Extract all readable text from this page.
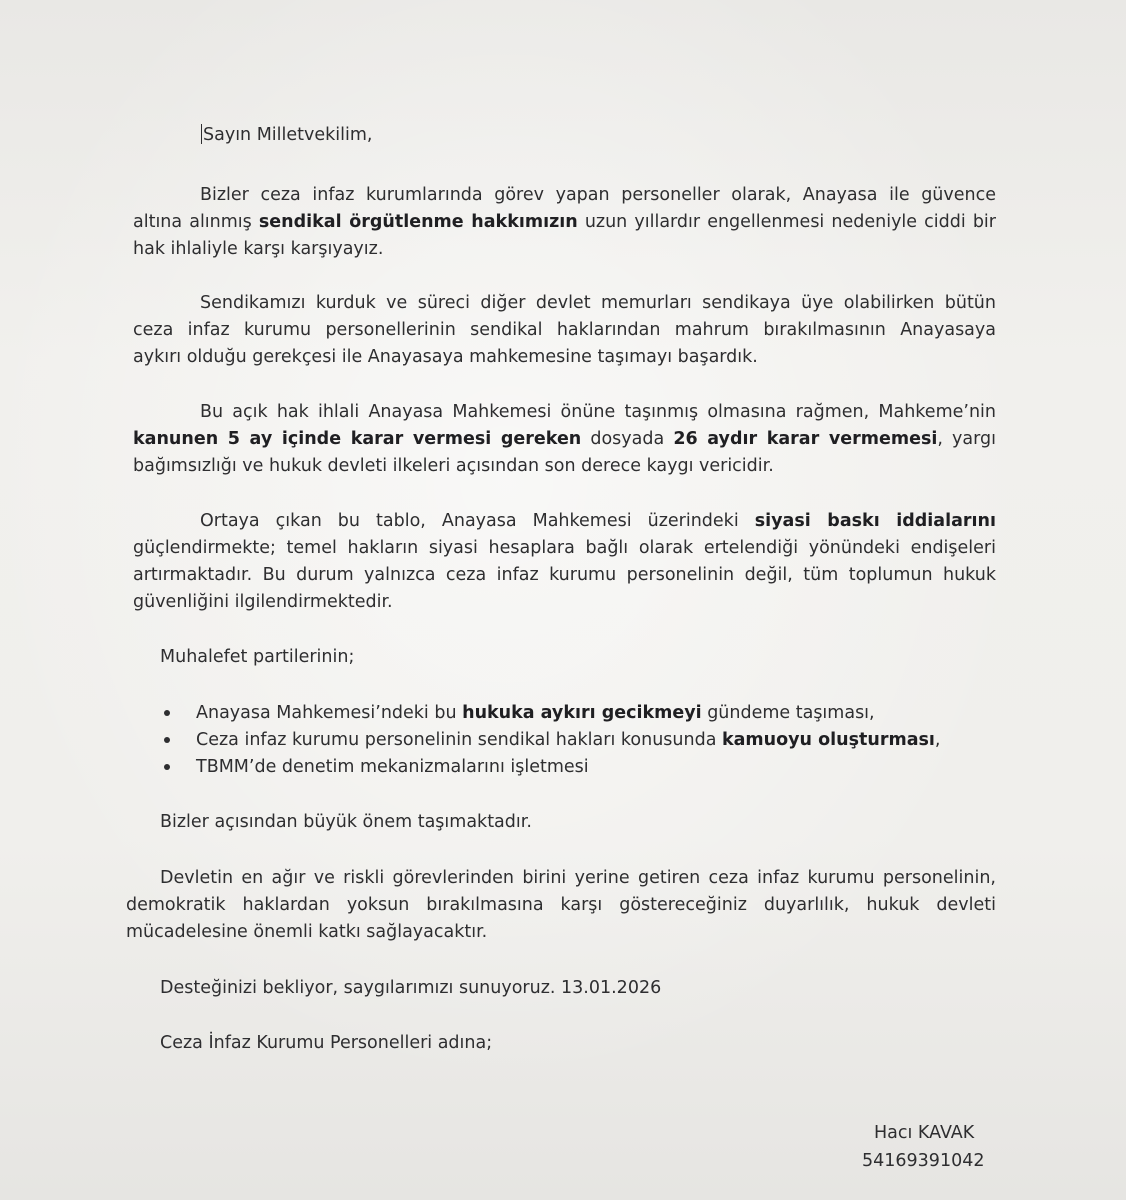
Sayın Milletvekilim,
Bizler ceza infaz kurumlarında görev yapan personeller olarak, Anayasa ile güvence
altına alınmış sendikal örgütlenme hakkımızın uzun yıllardır engellenmesi nedeniyle ciddi bir
hak ihlaliyle karşı karşıyayız.
Sendikamızı kurduk ve süreci diğer devlet memurları sendikaya üye olabilirken bütün
ceza infaz kurumu personellerinin sendikal haklarından mahrum bırakılmasının Anayasaya
aykırı olduğu gerekçesi ile Anayasaya mahkemesine taşımayı başardık.
Bu açık hak ihlali Anayasa Mahkemesi önüne taşınmış olmasına rağmen, Mahkeme’nin
kanunen 5 ay içinde karar vermesi gereken dosyada 26 aydır karar vermemesi, yargı
bağımsızlığı ve hukuk devleti ilkeleri açısından son derece kaygı vericidir.
Ortaya çıkan bu tablo, Anayasa Mahkemesi üzerindeki siyasi baskı iddialarını
güçlendirmekte; temel hakların siyasi hesaplara bağlı olarak ertelendiği yönündeki endişeleri
artırmaktadır. Bu durum yalnızca ceza infaz kurumu personelinin değil, tüm toplumun hukuk
güvenliğini ilgilendirmektedir.
Muhalefet partilerinin;
Anayasa Mahkemesi’ndeki bu hukuka aykırı gecikmeyi gündeme taşıması,
Ceza infaz kurumu personelinin sendikal hakları konusunda kamuoyu oluşturması,
TBMM’de denetim mekanizmalarını işletmesi
Bizler açısından büyük önem taşımaktadır.
Devletin en ağır ve riskli görevlerinden birini yerine getiren ceza infaz kurumu personelinin,
demokratik haklardan yoksun bırakılmasına karşı göstereceğiniz duyarlılık, hukuk devleti
mücadelesine önemli katkı sağlayacaktır.
Desteğinizi bekliyor, saygılarımızı sunuyoruz. 13.01.2026
Ceza İnfaz Kurumu Personelleri adına;
Hacı KAVAK
54169391042
